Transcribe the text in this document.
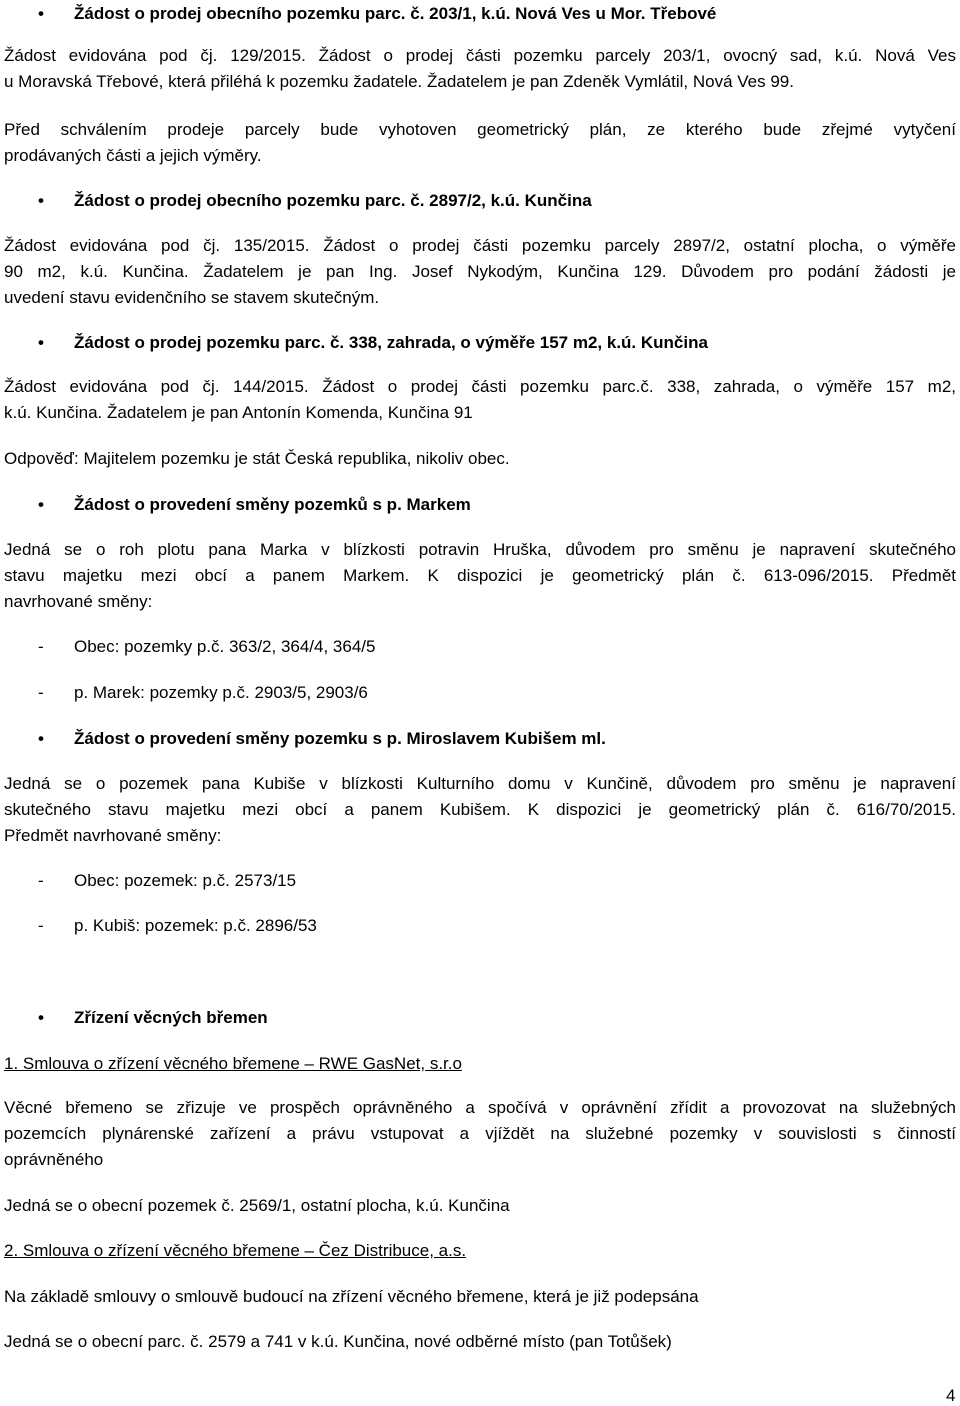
• Žádost o prodej obecního pozemku parc. č. 203/1, k.ú. Nová Ves u Mor. Třebové
Žádost evidována pod čj. 129/2015. Žádost o prodej části pozemku parcely 203/1, ovocný sad, k.ú. Nová Ves
u Moravská Třebové, která přiléhá k pozemku žadatele. Žadatelem je pan Zdeněk Vymlátil, Nová Ves 99.
Před schválením prodeje parcely bude vyhotoven geometrický plán, ze kterého bude zřejmé vytyčení
prodávaných části a jejich výměry.
• Žádost o prodej obecního pozemku parc. č. 2897/2, k.ú. Kunčina
Žádost evidována pod čj. 135/2015. Žádost o prodej části pozemku parcely 2897/2, ostatní plocha, o výměře
90 m2, k.ú. Kunčina. Žadatelem je pan Ing. Josef Nykodým, Kunčina 129. Důvodem pro podání žádosti je
uvedení stavu evidenčního se stavem skutečným.
• Žádost o prodej pozemku parc. č. 338, zahrada, o výměře 157 m2, k.ú. Kunčina
Žádost evidována pod čj. 144/2015. Žádost o prodej části pozemku parc.č. 338, zahrada, o výměře 157 m2,
k.ú. Kunčina. Žadatelem je pan Antonín Komenda, Kunčina 91
Odpověď: Majitelem pozemku je stát Česká republika, nikoliv obec.
• Žádost o provedení směny pozemků s p. Markem
Jedná se o roh plotu pana Marka v blízkosti potravin Hruška, důvodem pro směnu je napravení skutečného
stavu majetku mezi obcí a panem Markem. K dispozici je geometrický plán č. 613-096/2015. Předmět
navrhované směny:
- Obec: pozemky p.č. 363/2, 364/4, 364/5
- p. Marek: pozemky p.č. 2903/5, 2903/6
• Žádost o provedení směny pozemku s p. Miroslavem Kubišem ml.
Jedná se o pozemek pana Kubiše v blízkosti Kulturního domu v Kunčině, důvodem pro směnu je napravení
skutečného stavu majetku mezi obcí a panem Kubišem. K dispozici je geometrický plán č. 616/70/2015.
Předmět navrhované směny:
- Obec: pozemek: p.č. 2573/15
- p. Kubiš: pozemek: p.č. 2896/53
• Zřízení věcných břemen
1. Smlouva o zřízení věcného břemene – RWE GasNet, s.r.o
Věcné břemeno se zřizuje ve prospěch oprávněného a spočívá v oprávnění zřídit a provozovat na služebných
pozemcích plynárenské zařízení a právu vstupovat a vjíždět na služebné pozemky v souvislosti s činností
oprávněného
Jedná se o obecní pozemek č. 2569/1, ostatní plocha, k.ú. Kunčina
2. Smlouva o zřízení věcného břemene – Čez Distribuce, a.s.
Na základě smlouvy o smlouvě budoucí na zřízení věcného břemene, která je již podepsána
Jedná se o obecní parc. č. 2579 a 741 v k.ú. Kunčina, nové odběrné místo (pan Totůšek)
4
